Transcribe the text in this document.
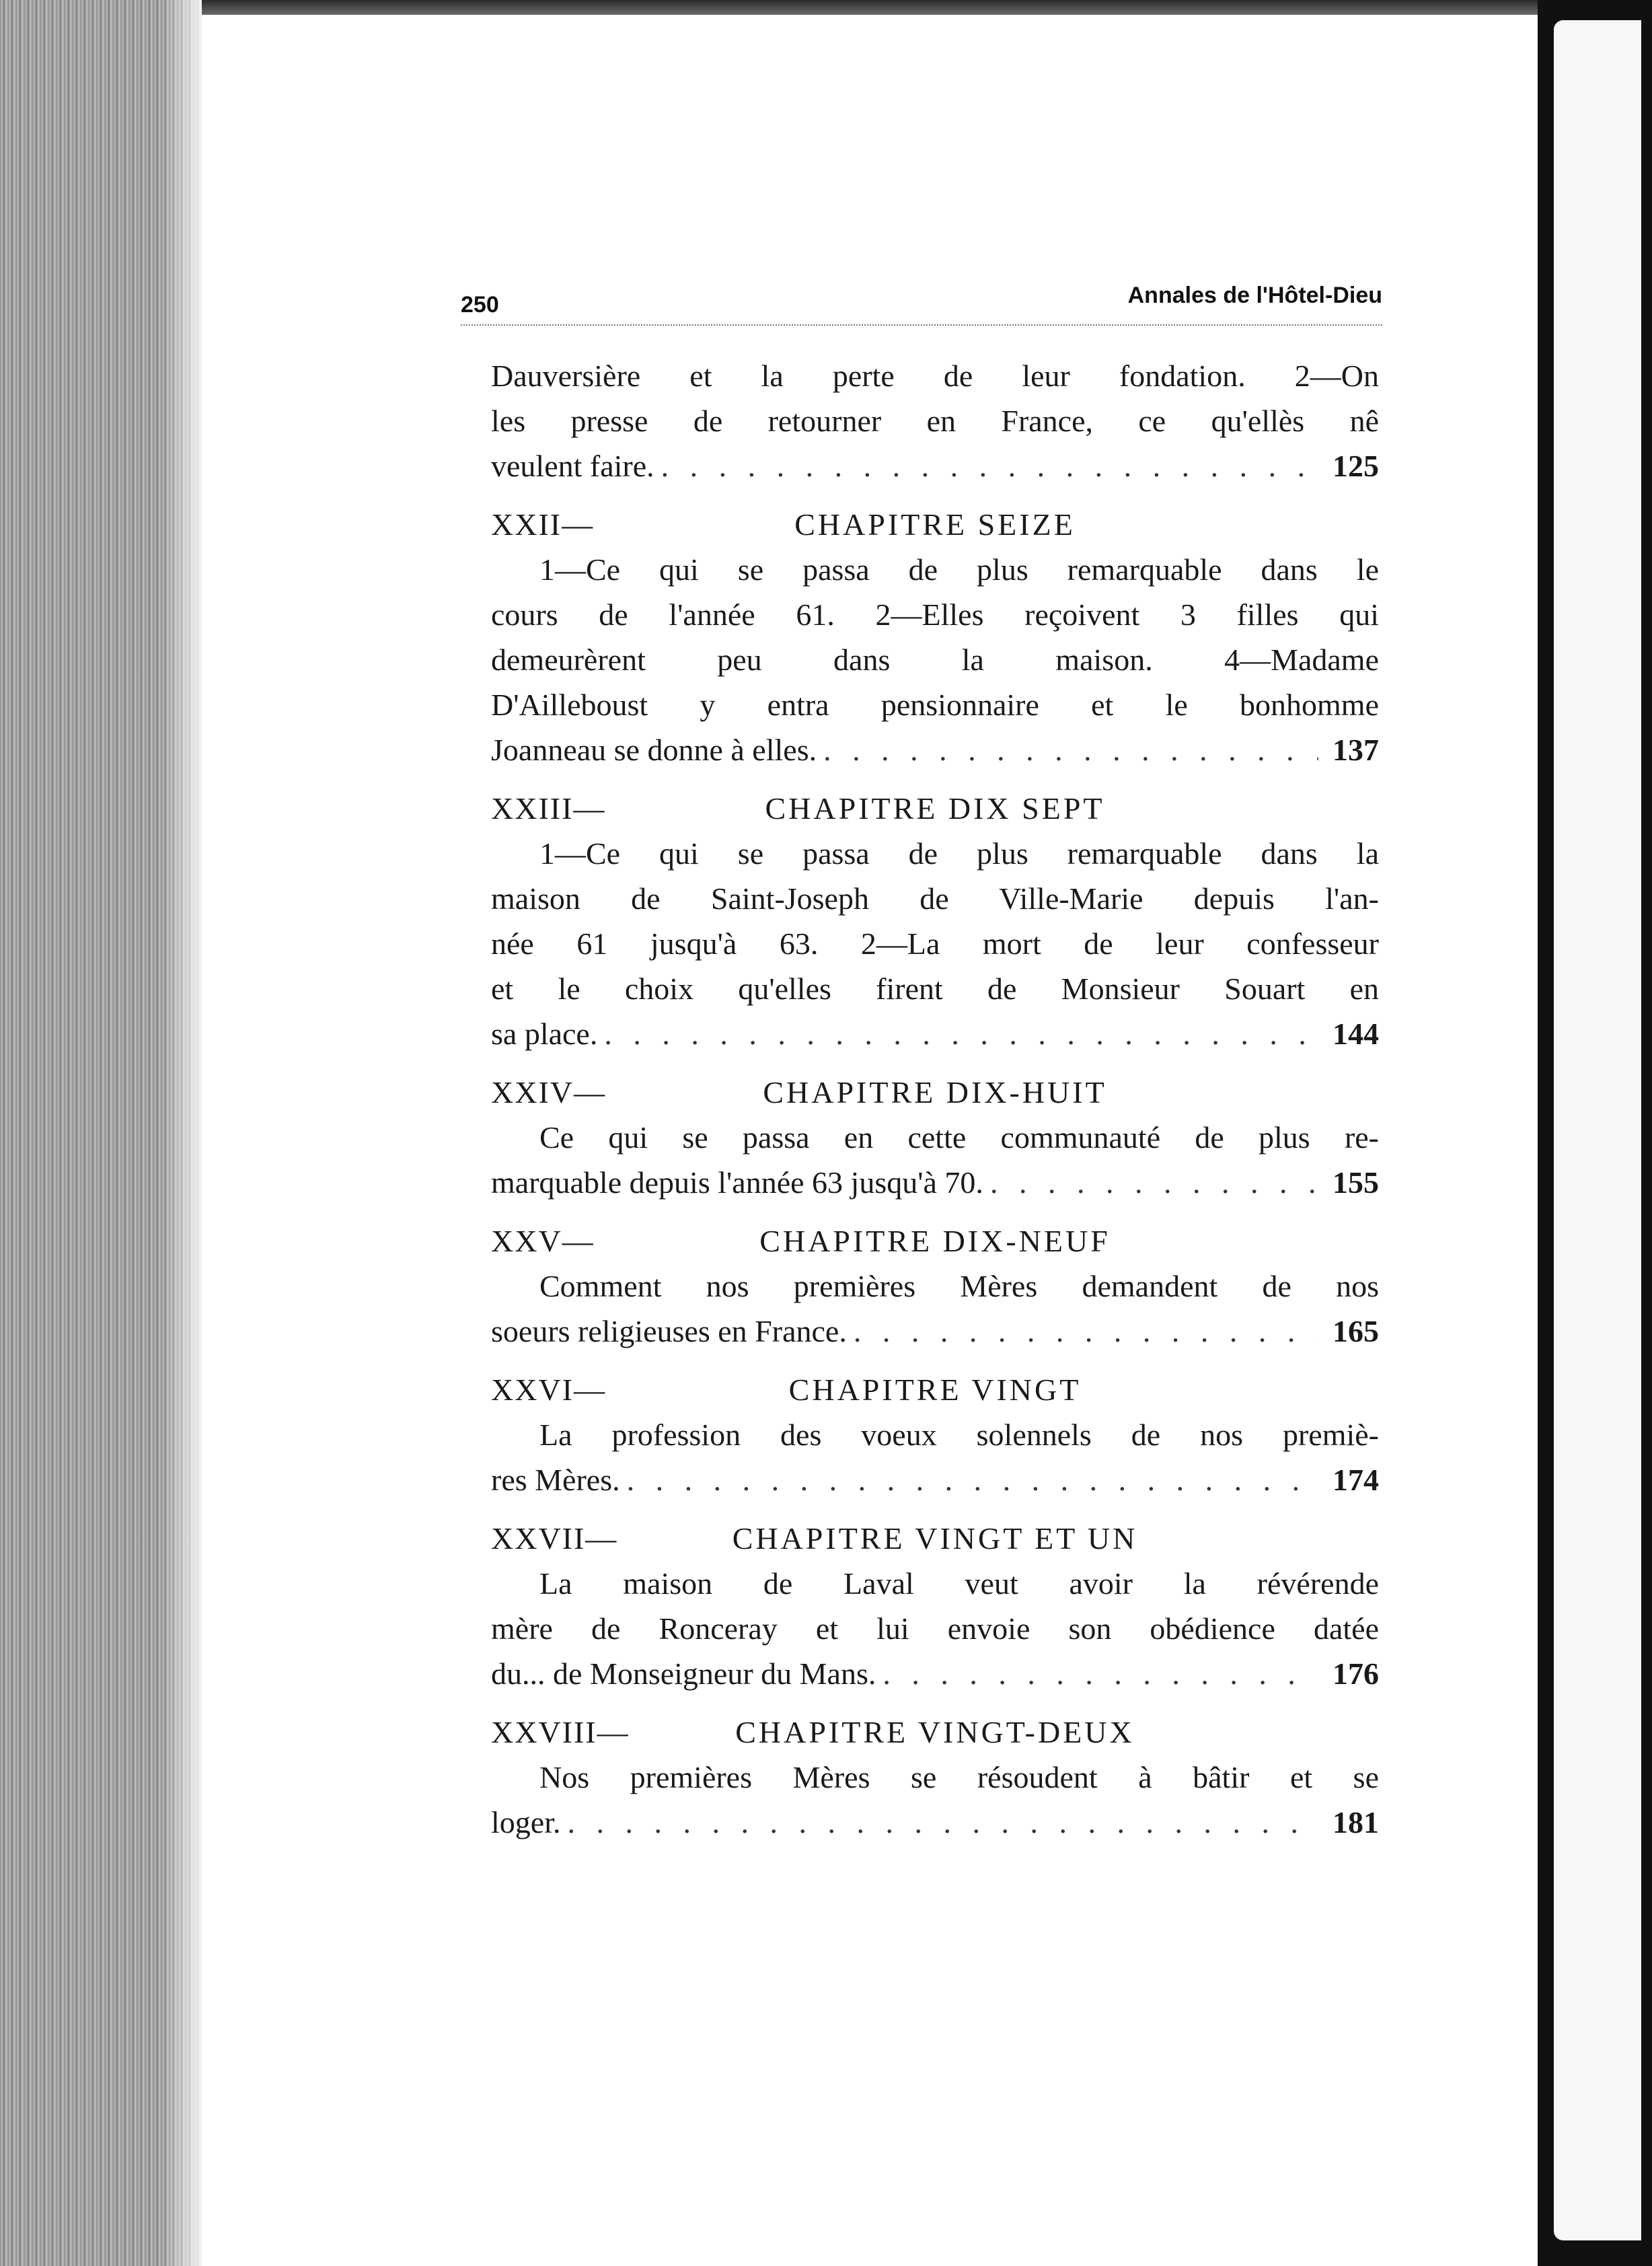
250	Annales de l'Hôtel-Dieu
Dauversière et la perte de leur fondation. 2—On
les presse de retourner en France, ce qu'ellès nê
veulent faire. . . .	125
XXII—	CHAPITRE SEIZE
1—Ce qui se passa de plus remarquable dans le
cours de l'année 61. 2—Elles reçoivent 3 filles qui
demeurèrent peu dans la maison. 4—Madame
D'Ailleboust y entra pensionnaire et le bonhomme
Joanneau se donne à elles. . . .	137
XXIII—	CHAPITRE DIX SEPT
1—Ce qui se passa de plus remarquable dans la
maison de Saint-Joseph de Ville-Marie depuis l'an-
née 61 jusqu'à 63. 2—La mort de leur confesseur
et le choix qu'elles firent de Monsieur Souart en
sa place. . . .	144
XXIV—	CHAPITRE DIX-HUIT
Ce qui se passa en cette communauté de plus re-
marquable depuis l'année 63 jusqu'à 70. . . .	155
XXV—	CHAPITRE DIX-NEUF
Comment nos premières Mères demandent de nos
soeurs religieuses en France. . . .	165
XXVI—	CHAPITRE VINGT
La profession des voeux solennels de nos premiè-
res Mères. . . .	174
XXVII—	CHAPITRE VINGT ET UN
La maison de Laval veut avoir la révérende
mère de Ronceray et lui envoie son obédience datée
du... de Monseigneur du Mans. . . .	176
XXVIII—	CHAPITRE VINGT-DEUX
Nos premières Mères se résoudent à bâtir et se
loger. . . .	181
